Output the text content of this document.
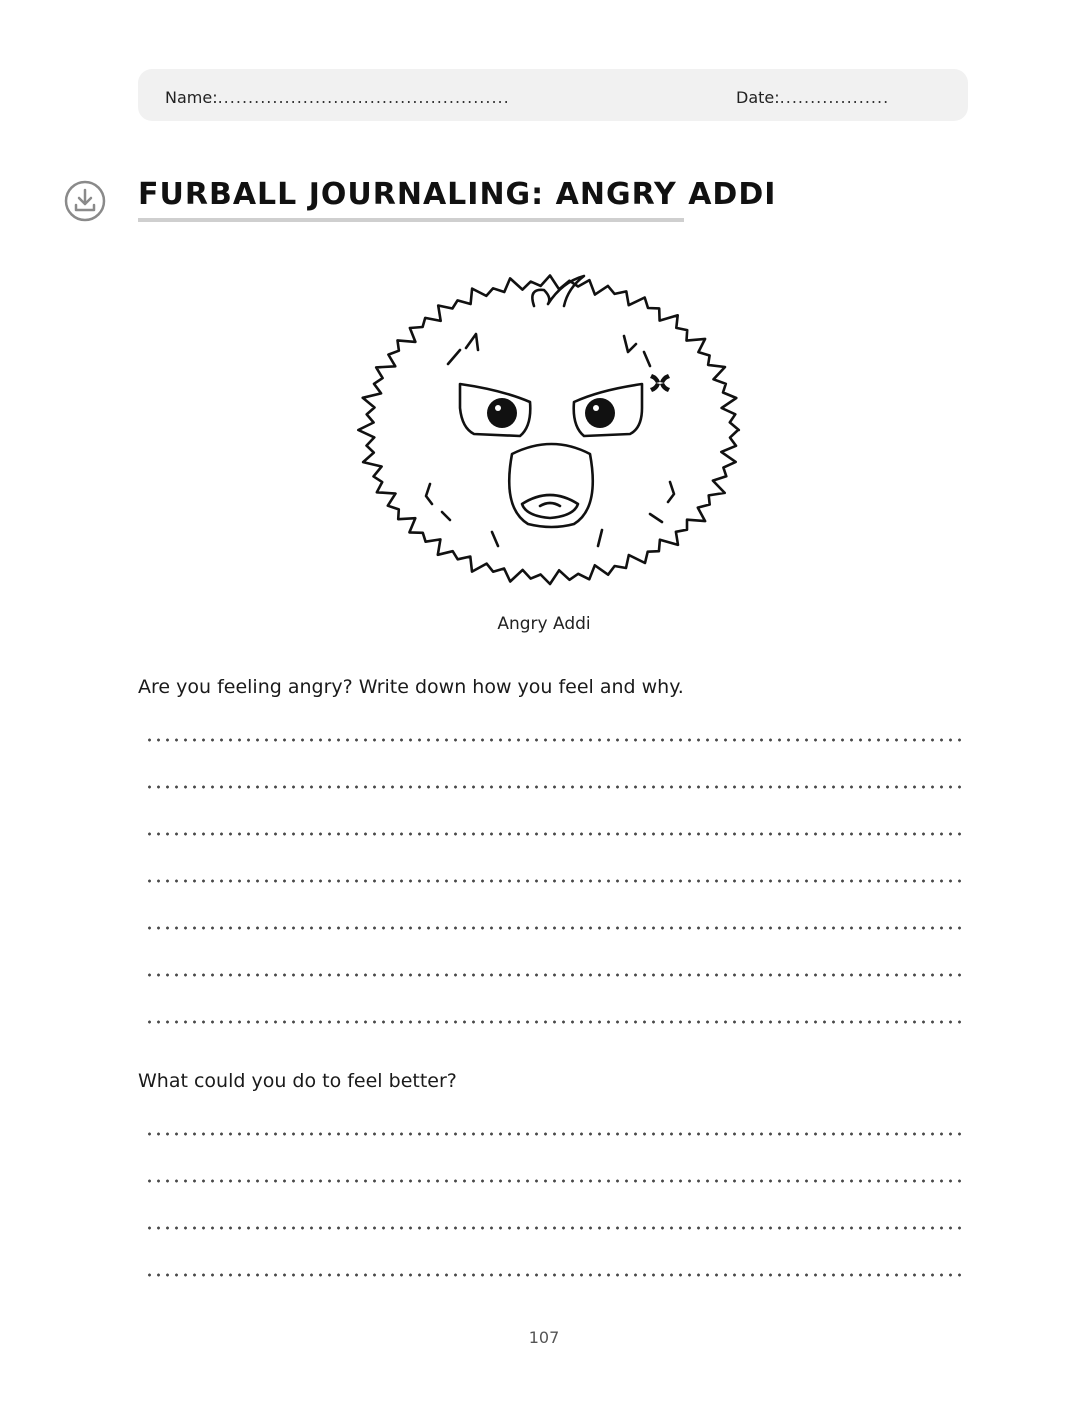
Name:................................................	Date:..................
FURBALL JOURNALING: ANGRY ADDI
Angry Addi

Are you feeling angry? Write down how you feel and why.

What could you do to feel better?

107
